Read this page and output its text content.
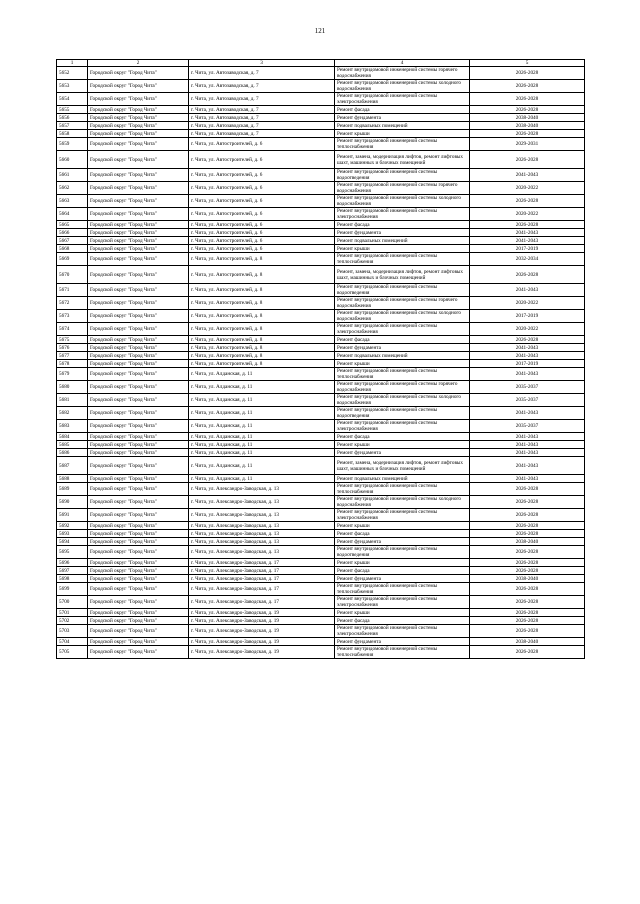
121
1	2	3	4	5
5652	Городской округ "Город Чита"	г. Чита, ул. Автозаводская, д. 7	Ремонт внутридомовой инженерной системы горячего водоснабжения	2026-2028
5653	Городской округ "Город Чита"	г. Чита, ул. Автозаводская, д. 7	Ремонт внутридомовой инженерной системы холодного водоснабжения	2026-2028
5654	Городской округ "Город Чита"	г. Чита, ул. Автозаводская, д. 7	Ремонт внутридомовой инженерной системы электроснабжения	2026-2028
5655	Городской округ "Город Чита"	г. Чита, ул. Автозаводская, д. 7	Ремонт фасада	2026-2028
5656	Городской округ "Город Чита"	г. Чита, ул. Автозаводская, д. 7	Ремонт фундамента	2038-2040
5657	Городской округ "Город Чита"	г. Чита, ул. Автозаводская, д. 7	Ремонт подвальных помещений	2038-2040
5658	Городской округ "Город Чита"	г. Чита, ул. Автозаводская, д. 7	Ремонт крыши	2026-2028
5659	Городской округ "Город Чита"	г. Чита, ул. Автостроителей, д. 6	Ремонт внутридомовой инженерной системы теплоснабжения	2029-2031
5660	Городской округ "Город Чита"	г. Чита, ул. Автостроителей, д. 6	Ремонт, замена, модернизация лифтов, ремонт лифтовых шахт, машинных и блочных помещений	2026-2028
5661	Городской округ "Город Чита"	г. Чита, ул. Автостроителей, д. 6	Ремонт внутридомовой инженерной системы водоотведения	2041-2043
5662	Городской округ "Город Чита"	г. Чита, ул. Автостроителей, д. 6	Ремонт внутридомовой инженерной системы горячего водоснабжения	2020-2022
5663	Городской округ "Город Чита"	г. Чита, ул. Автостроителей, д. 6	Ремонт внутридомовой инженерной системы холодного водоснабжения	2026-2028
5664	Городской округ "Город Чита"	г. Чита, ул. Автостроителей, д. 6	Ремонт внутридомовой инженерной системы электроснабжения	2020-2022
5665	Городской округ "Город Чита"	г. Чита, ул. Автостроителей, д. 6	Ремонт фасада	2026-2028
5666	Городской округ "Город Чита"	г. Чита, ул. Автостроителей, д. 6	Ремонт фундамента	2041-2043
5667	Городской округ "Город Чита"	г. Чита, ул. Автостроителей, д. 6	Ремонт подвальных помещений	2041-2043
5668	Городской округ "Город Чита"	г. Чита, ул. Автостроителей, д. 6	Ремонт крыши	2017-2019
5669	Городской округ "Город Чита"	г. Чита, ул. Автостроителей, д. 8	Ремонт внутридомовой инженерной системы теплоснабжения	2032-2034
5670	Городской округ "Город Чита"	г. Чита, ул. Автостроителей, д. 8	Ремонт, замена, модернизация лифтов, ремонт лифтовых шахт, машинных и блочных помещений	2026-2028
5671	Городской округ "Город Чита"	г. Чита, ул. Автостроителей, д. 8	Ремонт внутридомовой инженерной системы водоотведения	2041-2043
5672	Городской округ "Город Чита"	г. Чита, ул. Автостроителей, д. 8	Ремонт внутридомовой инженерной системы горячего водоснабжения	2020-2022
5673	Городской округ "Город Чита"	г. Чита, ул. Автостроителей, д. 8	Ремонт внутридомовой инженерной системы холодного водоснабжения	2017-2019
5674	Городской округ "Город Чита"	г. Чита, ул. Автостроителей, д. 8	Ремонт внутридомовой инженерной системы электроснабжения	2020-2022
5675	Городской округ "Город Чита"	г. Чита, ул. Автостроителей, д. 8	Ремонт фасада	2026-2028
5676	Городской округ "Город Чита"	г. Чита, ул. Автостроителей, д. 8	Ремонт фундамента	2041-2043
5677	Городской округ "Город Чита"	г. Чита, ул. Автостроителей, д. 8	Ремонт подвальных помещений	2041-2043
5678	Городской округ "Город Чита"	г. Чита, ул. Автостроителей, д. 8	Ремонт крыши	2017-2019
5679	Городской округ "Город Чита"	г. Чита, ул. Алданская, д. 11	Ремонт внутридомовой инженерной системы теплоснабжения	2041-2043
5680	Городской округ "Город Чита"	г. Чита, ул. Алданская, д. 11	Ремонт внутридомовой инженерной системы горячего водоснабжения	2035-2037
5681	Городской округ "Город Чита"	г. Чита, ул. Алданская, д. 11	Ремонт внутридомовой инженерной системы холодного водоснабжения	2035-2037
5682	Городской округ "Город Чита"	г. Чита, ул. Алданская, д. 11	Ремонт внутридомовой инженерной системы водоотведения	2041-2043
5683	Городской округ "Город Чита"	г. Чита, ул. Алданская, д. 11	Ремонт внутридомовой инженерной системы электроснабжения	2035-2037
5684	Городской округ "Город Чита"	г. Чита, ул. Алданская, д. 11	Ремонт фасада	2041-2043
5685	Городской округ "Город Чита"	г. Чита, ул. Алданская, д. 11	Ремонт крыши	2041-2043
5686	Городской округ "Город Чита"	г. Чита, ул. Алданская, д. 11	Ремонт фундамента	2041-2043
5687	Городской округ "Город Чита"	г. Чита, ул. Алданская, д. 11	Ремонт, замена, модернизация лифтов, ремонт лифтовых шахт, машинных и блочных помещений	2041-2043
5688	Городской округ "Город Чита"	г. Чита, ул. Алданская, д. 11	Ремонт подвальных помещений	2041-2043
5689	Городской округ "Город Чита"	г. Чита, ул. Александро-Заводская, д. 13	Ремонт внутридомовой инженерной системы теплоснабжения	2026-2028
5690	Городской округ "Город Чита"	г. Чита, ул. Александро-Заводская, д. 13	Ремонт внутридомовой инженерной системы холодного водоснабжения	2026-2028
5691	Городской округ "Город Чита"	г. Чита, ул. Александро-Заводская, д. 13	Ремонт внутридомовой инженерной системы электроснабжения	2026-2028
5692	Городской округ "Город Чита"	г. Чита, ул. Александро-Заводская, д. 13	Ремонт крыши	2026-2028
5693	Городской округ "Город Чита"	г. Чита, ул. Александро-Заводская, д. 13	Ремонт фасада	2026-2028
5694	Городской округ "Город Чита"	г. Чита, ул. Александро-Заводская, д. 13	Ремонт фундамента	2038-2040
5695	Городской округ "Город Чита"	г. Чита, ул. Александро-Заводская, д. 13	Ремонт внутридомовой инженерной системы водоотведения	2026-2028
5696	Городской округ "Город Чита"	г. Чита, ул. Александро-Заводская, д. 17	Ремонт крыши	2026-2028
5697	Городской округ "Город Чита"	г. Чита, ул. Александро-Заводская, д. 17	Ремонт фасада	2026-2028
5698	Городской округ "Город Чита"	г. Чита, ул. Александро-Заводская, д. 17	Ремонт фундамента	2038-2040
5699	Городской округ "Город Чита"	г. Чита, ул. Александро-Заводская, д. 17	Ремонт внутридомовой инженерной системы теплоснабжения	2026-2028
5700	Городской округ "Город Чита"	г. Чита, ул. Александро-Заводская, д. 17	Ремонт внутридомовой инженерной системы электроснабжения	2026-2028
5701	Городской округ "Город Чита"	г. Чита, ул. Александро-Заводская, д. 19	Ремонт крыши	2026-2028
5702	Городской округ "Город Чита"	г. Чита, ул. Александро-Заводская, д. 19	Ремонт фасада	2026-2028
5703	Городской округ "Город Чита"	г. Чита, ул. Александро-Заводская, д. 19	Ремонт внутридомовой инженерной системы электроснабжения	2026-2028
5704	Городской округ "Город Чита"	г. Чита, ул. Александро-Заводская, д. 19	Ремонт фундамента	2038-2040
5705	Городской округ "Город Чита"	г. Чита, ул. Александро-Заводская, д. 19	Ремонт внутридомовой инженерной системы теплоснабжения	2026-2028
